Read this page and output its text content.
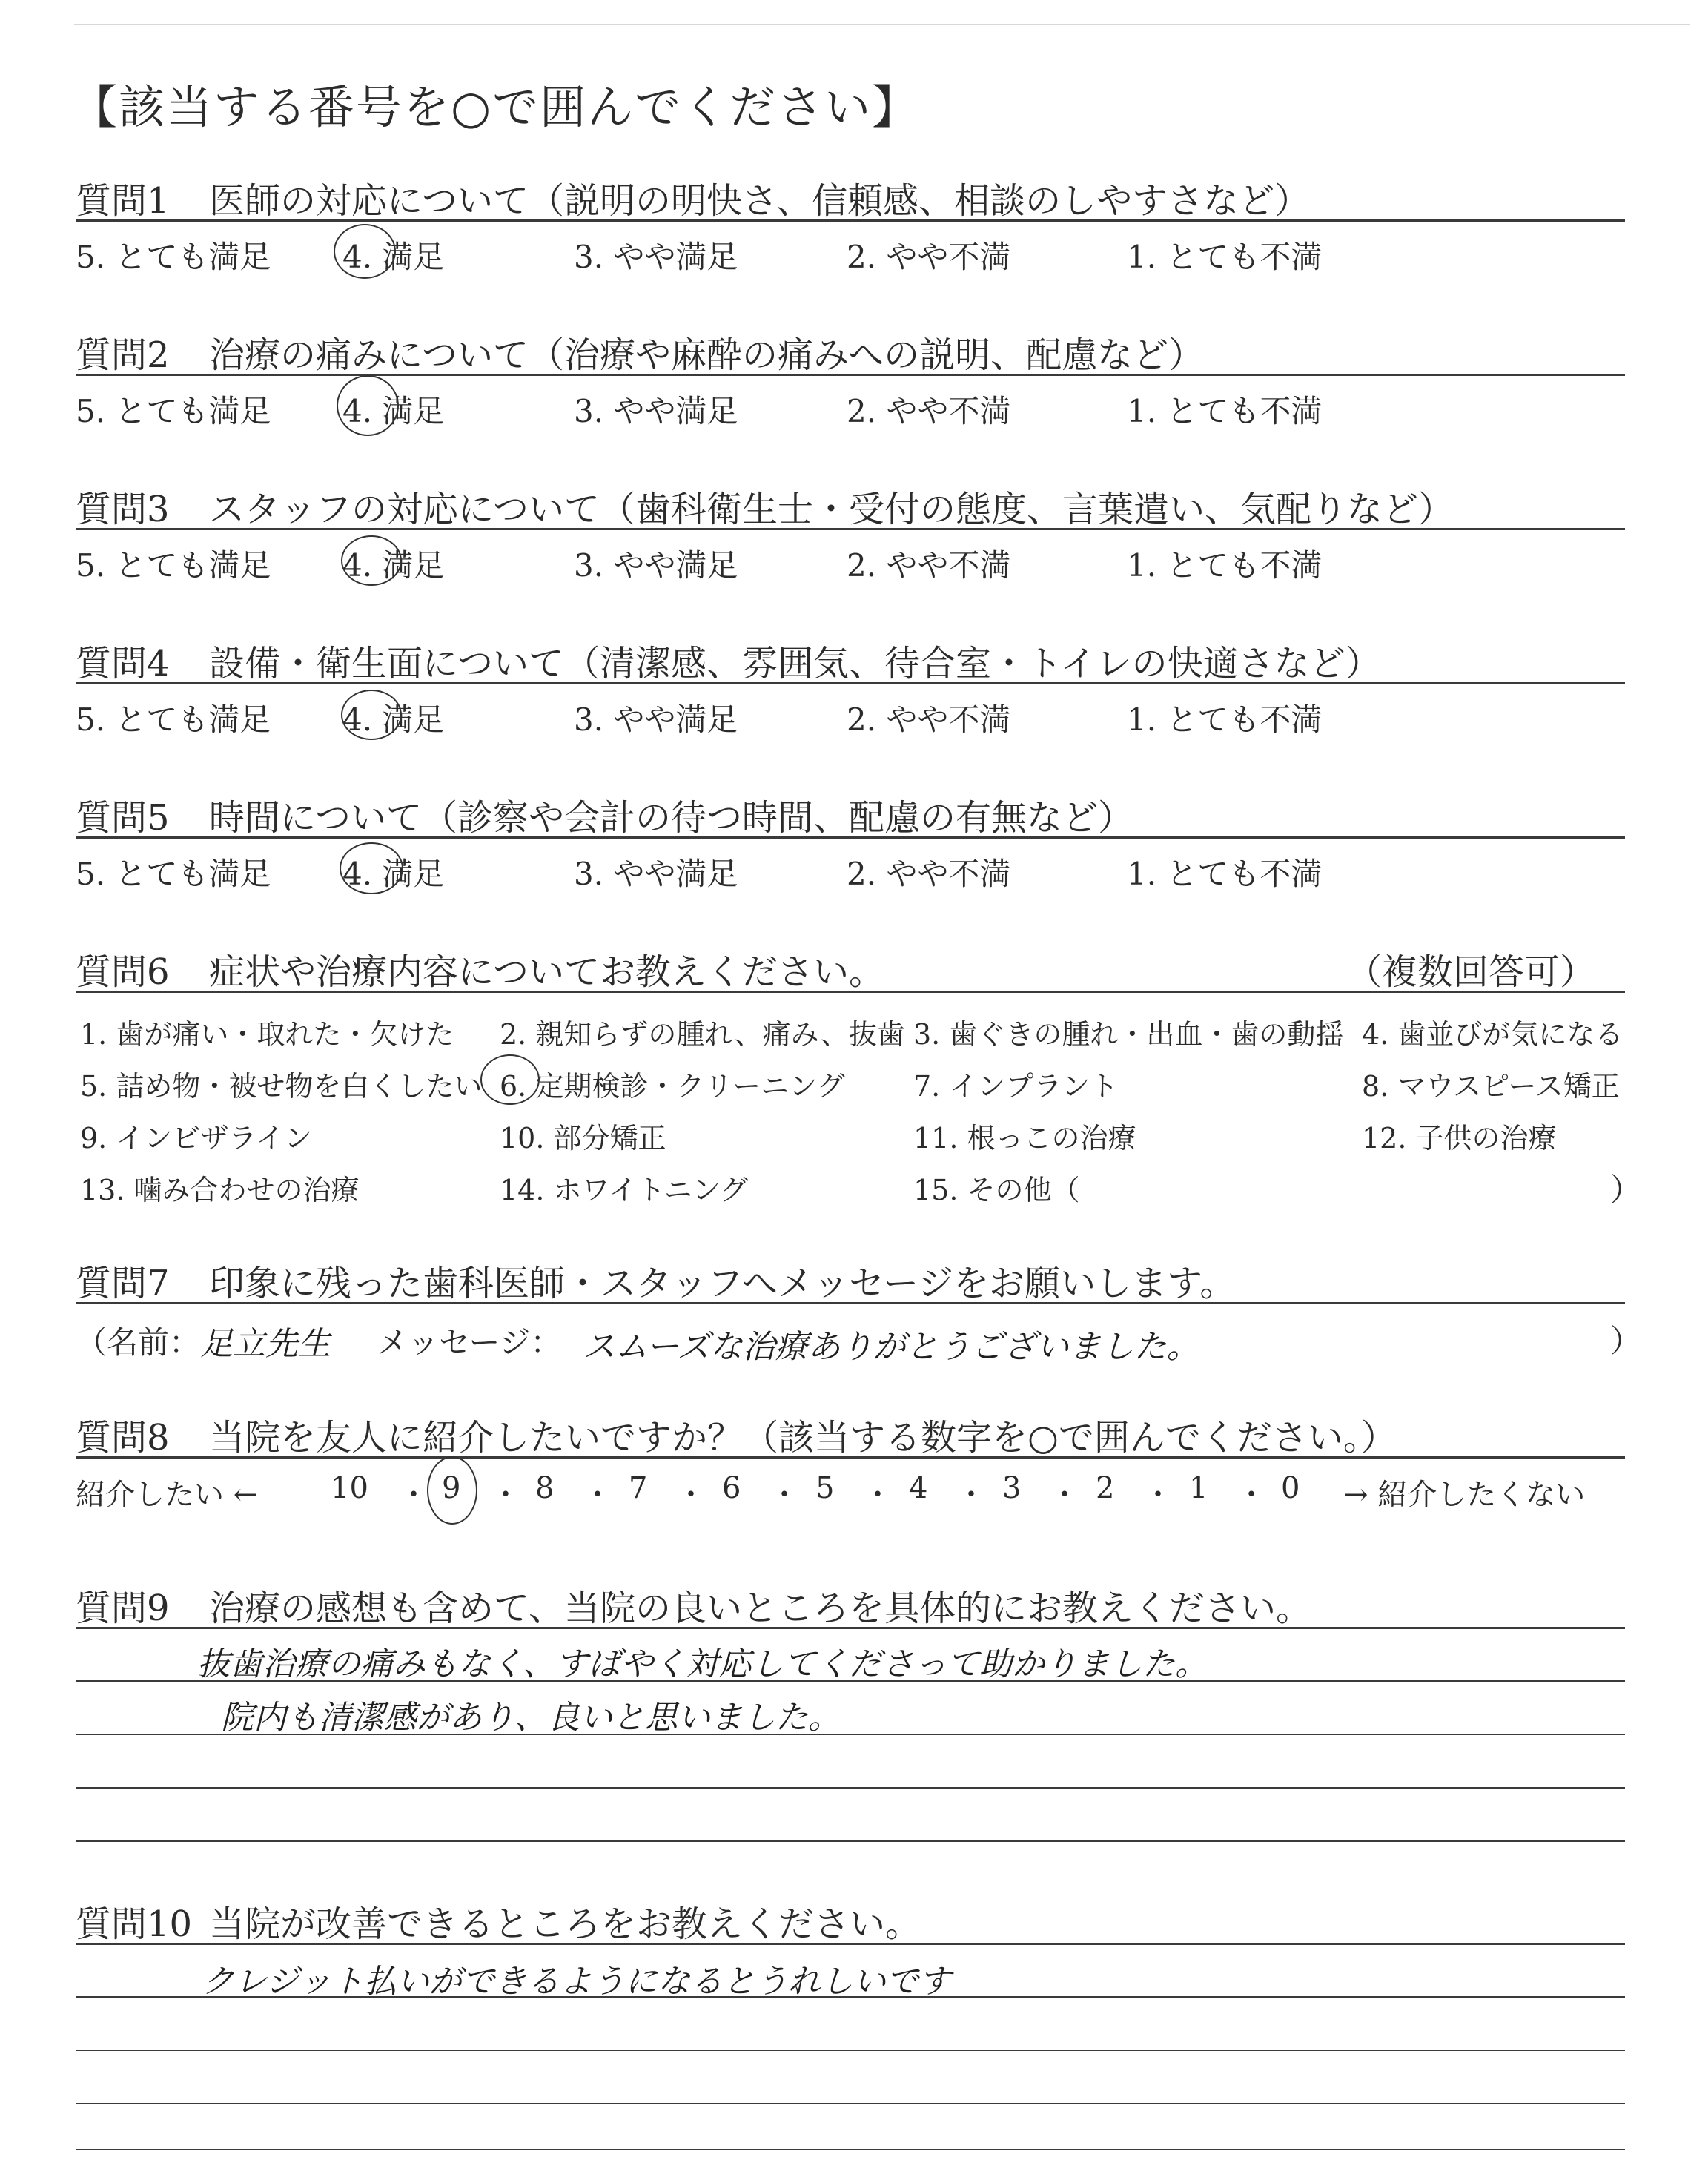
【該当する番号を○で囲んでください】
質問1 医師の対応について（説明の明快さ、信頼感、相談のしやすさなど）
5. とても満足 4. 満足	3. やや満足	2. やや不満	1. とても不満
質問2 治療の痛みについて（治療や麻酔の痛みへの説明、配慮など）
5. とても満足 4. 満足	3. やや満足	2. やや不満	1. とても不満
質問3 スタッフの対応について（歯科衛生士・受付の態度、言葉遣い、気配りなど）
5. とても満足 4. 満足	3. やや満足	2. やや不満	1. とても不満
質問4 設備・衛生面について（清潔感、雰囲気、待合室・トイレの快適さなど）
5. とても満足 4. 満足	3. やや満足	2. やや不満	1. とても不満
質問5 時間について（診察や会計の待つ時間、配慮の有無など）
5. とても満足 4. 満足	3. やや満足	2. やや不満	1. とても不満
質問6 症状や治療内容についてお教えください。	（複数回答可）
1. 歯が痛い・取れた・欠けた 2. 親知らずの腫れ、痛み、抜歯 3. 歯ぐきの腫れ・出血・歯の動揺 4. 歯並びが気になる
5. 詰め物・被せ物を白くしたい 6. 定期検診・クリーニング 7. インプラント	8. マウスピース矯正
9. インビザライン	10. 部分矯正	11. 根っこの治療	12. 子供の治療
13. 噛み合わせの治療	14. ホワイトニング	15. その他（	）
質問7 印象に残った歯科医師・スタッフへメッセージをお願いします。
（名前： 足立先生 メッセージ： スムーズな治療ありがとうございました。	）
質問8 当院を友人に紹介したいですか？（該当する数字を○で囲んでください。）
紹介したい ← 10 ・ 9 ・ 8 ・ 7 ・ 6 ・ 5 ・ 4 ・ 3 ・ 2 ・ 1 ・ 0 → 紹介したくない
質問9 治療の感想も含めて、当院の良いところを具体的にお教えください。
抜歯治療の痛みもなく、すばやく対応してくださって助かりました。
院内も清潔感があり、良いと思いました。
質問10 当院が改善できるところをお教えください。
クレジット払いができるようになるとうれしいです
